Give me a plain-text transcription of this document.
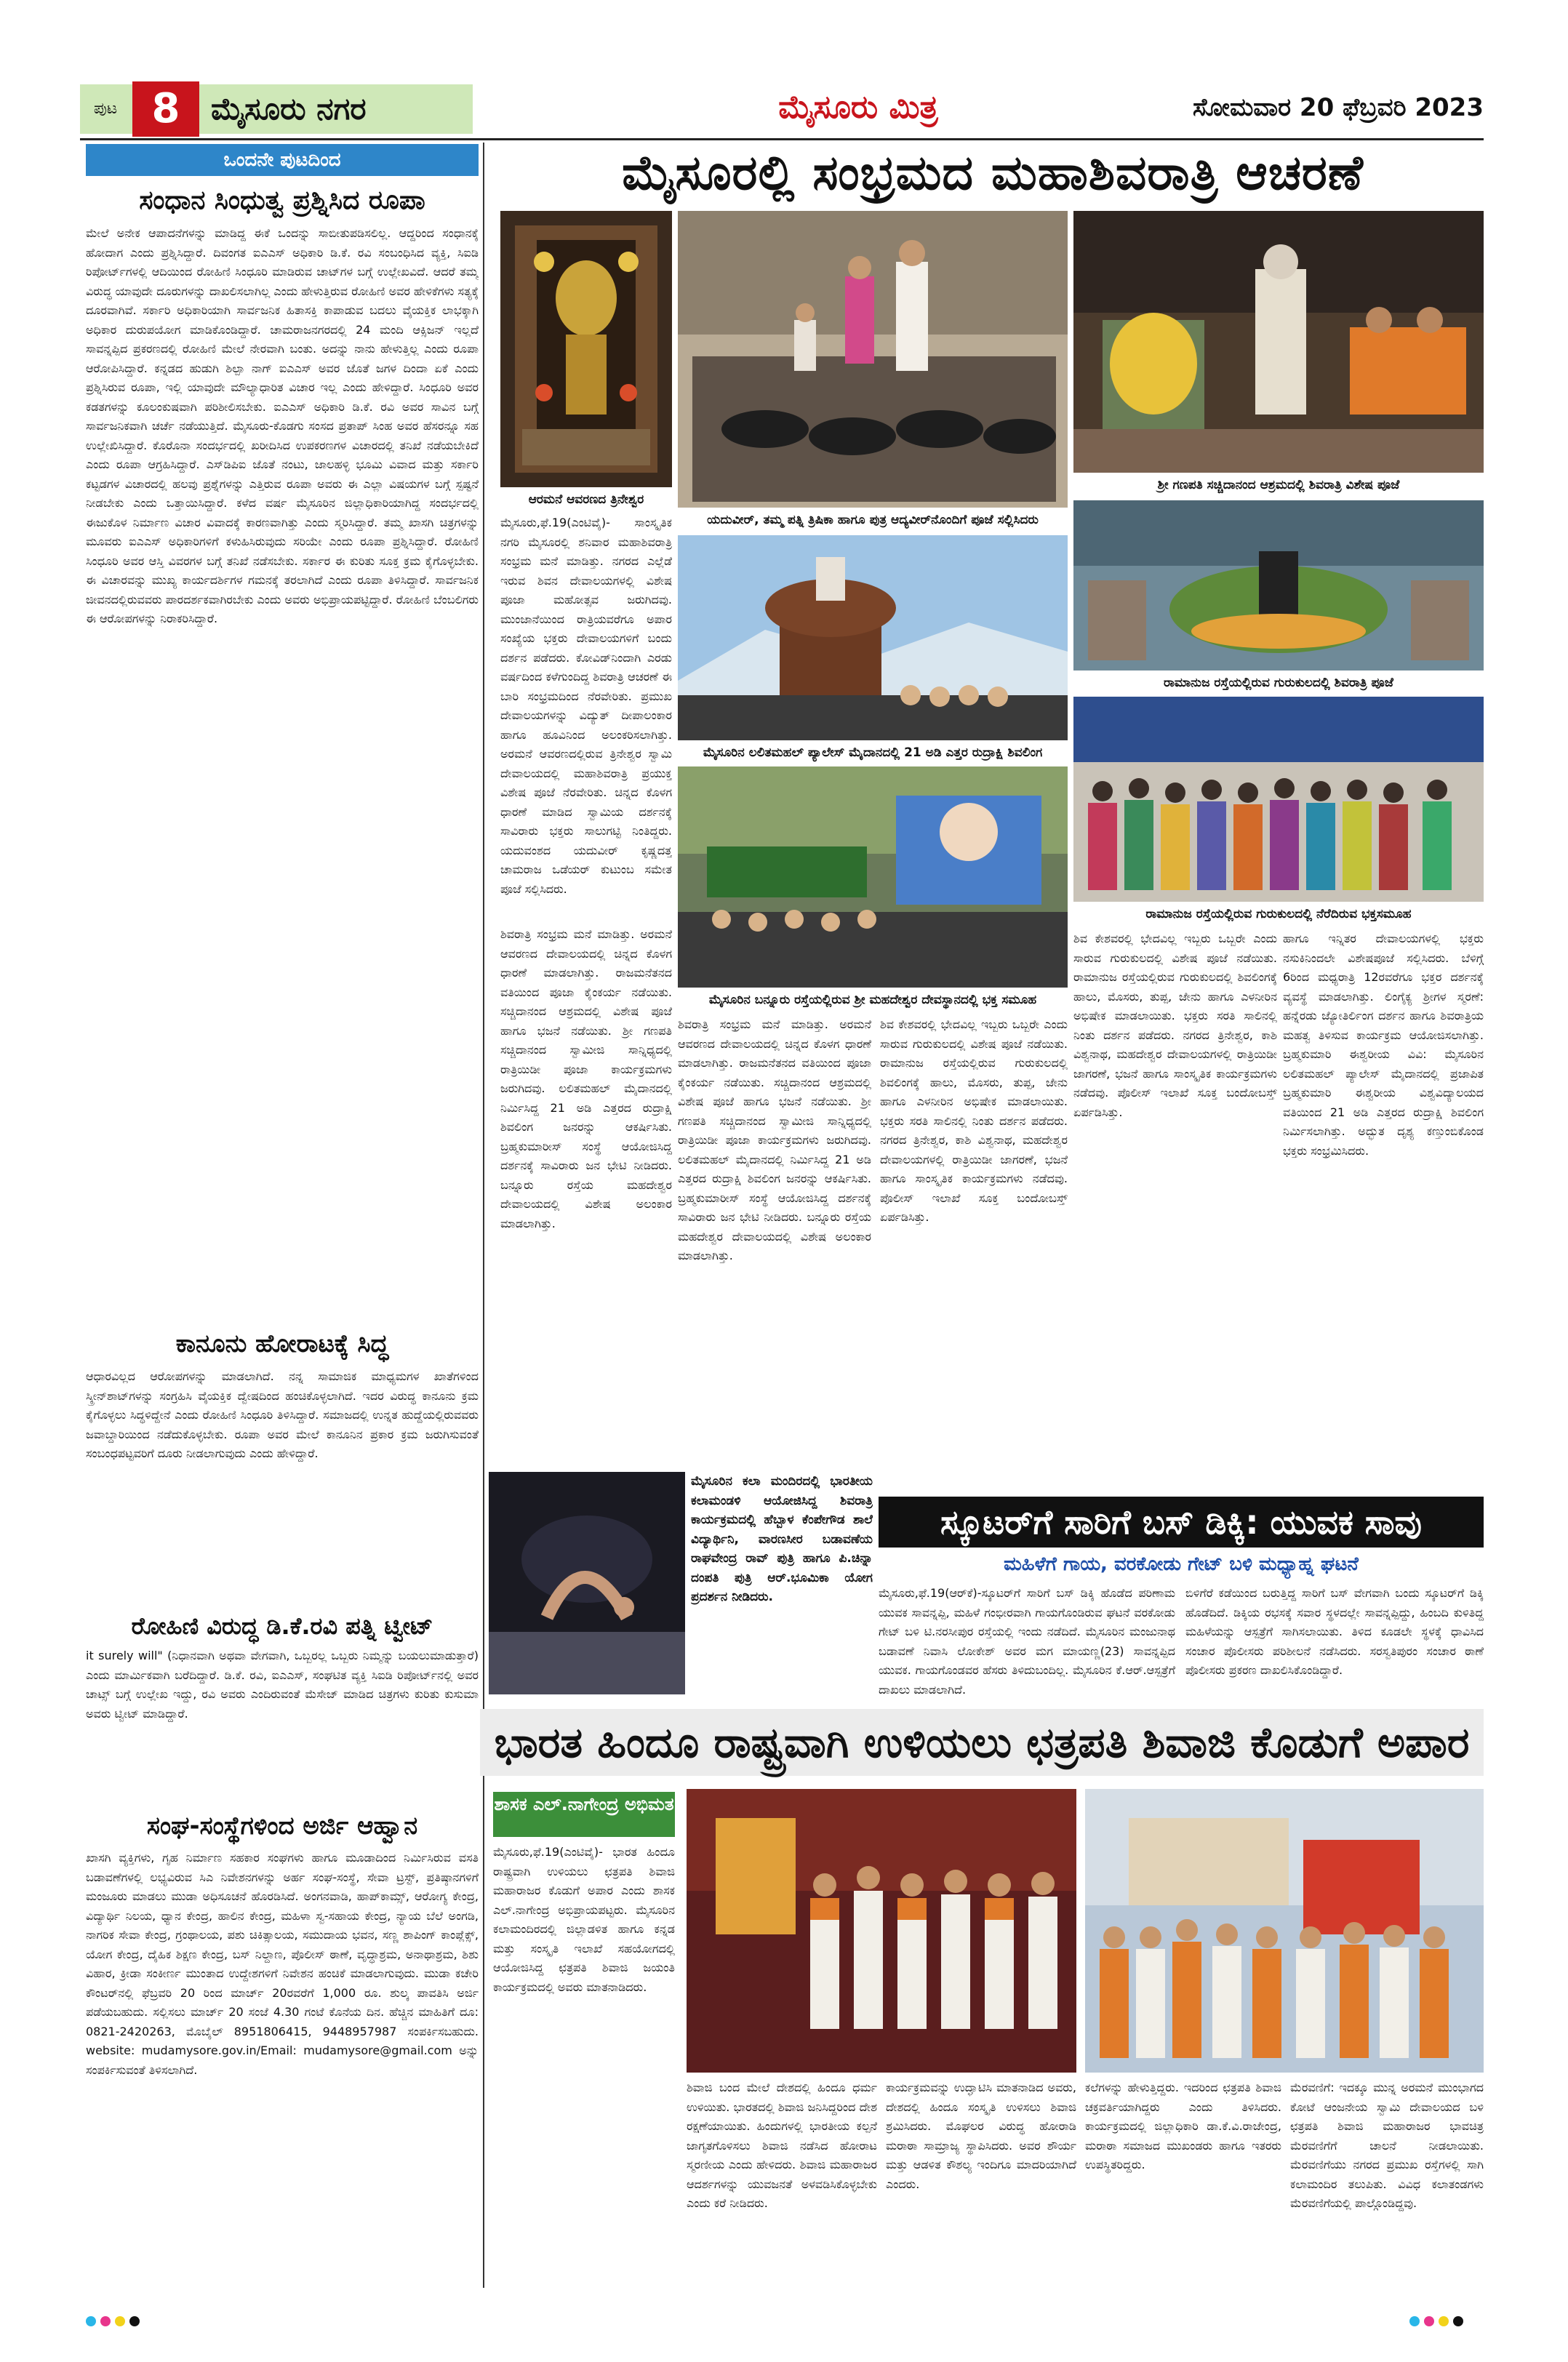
ಪುಟ 8	ಮೈಸೂರು ನಗರ	ಮೈಸೂರು ಮಿತ್ರ	ಸೋಮವಾರ 20 ಫೆಬ್ರವರಿ 2023
ಒಂದನೇ ಪುಟದಿಂದ
ಸಂಧಾನ ಸಿಂಧುತ್ವ ಪ್ರಶ್ನಿಸಿದ ರೂಪಾ
ಮೇಲೆ ಅನೇಕ ಆಪಾದನೆಗಳನ್ನು ಮಾಡಿದ್ದ ಈಕೆ ಒಂದನ್ನು ಸಾಬೀತುಪಡಿಸಲಿಲ್ಲ. ಆದ್ದರಿಂದ ಸಂಧಾನಕ್ಕೆ ಹೋದಾಗ ಎಂದು ಪ್ರಶ್ನಿಸಿದ್ದಾರೆ. ದಿವಂಗತ ಐಎಎಸ್ ಅಧಿಕಾರಿ ಡಿ.ಕೆ. ರವಿ ಸಂಬಂಧಿಸಿದ ವ್ಯಕ್ತಿ, ಸಿಐಡಿ ರಿಪೋರ್ಟ್‌ಗಳಲ್ಲಿ ಆದಿಯಿಂದ ರೋಹಿಣಿ ಸಿಂಧೂರಿ ಮಾಡಿರುವ ಚಾಟ್‌ಗಳ ಬಗ್ಗೆ ಉಲ್ಲೇಖವಿದೆ. ಆದರೆ ತಮ್ಮ ವಿರುದ್ಧ ಯಾವುದೇ ದೂರುಗಳನ್ನು ದಾಖಲಿಸಲಾಗಿಲ್ಲ ಎಂದು ಹೇಳುತ್ತಿರುವ ರೋಹಿಣಿ ಅವರ ಹೇಳಿಕೆಗಳು ಸತ್ಯಕ್ಕೆ ದೂರವಾಗಿವೆ. ಸರ್ಕಾರಿ ಅಧಿಕಾರಿಯಾಗಿ ಸಾರ್ವಜನಿಕ ಹಿತಾಸಕ್ತಿ ಕಾಪಾಡುವ ಬದಲು ವೈಯಕ್ತಿಕ ಲಾಭಕ್ಕಾಗಿ ಅಧಿಕಾರ ದುರುಪಯೋಗ ಮಾಡಿಕೊಂಡಿದ್ದಾರೆ. ಚಾಮರಾಜನಗರದಲ್ಲಿ 24 ಮಂದಿ ಆಕ್ಸಿಜನ್ ಇಲ್ಲದೆ ಸಾವನ್ನಪ್ಪಿದ ಪ್ರಕರಣದಲ್ಲಿ ರೋಹಿಣಿ ಮೇಲೆ ನೇರವಾಗಿ ಬಂತು. ಅದನ್ನು ನಾನು ಹೇಳುತ್ತಿಲ್ಲ ಎಂದು ರೂಪಾ ಆರೋಪಿಸಿದ್ದಾರೆ. ಕನ್ನಡದ ಹುಡುಗಿ ಶಿಲ್ಪಾ ನಾಗ್ ಐಎಎಸ್ ಅವರ ಜೊತೆ ಜಗಳ ದಿಂದಾ ಏಕೆ ಎಂದು ಪ್ರಶ್ನಿಸಿರುವ ರೂಪಾ, ಇಲ್ಲಿ ಯಾವುದೇ ಮೌಲ್ಯಾಧಾರಿತ ವಿಚಾರ ಇಲ್ಲ ಎಂದು ಹೇಳಿದ್ದಾರೆ. ಸಿಂಧೂರಿ ಅವರ ಕಡತಗಳನ್ನು ಕೂಲಂಕುಷವಾಗಿ ಪರಿಶೀಲಿಸಬೇಕು. ಐಎಎಸ್ ಅಧಿಕಾರಿ ಡಿ.ಕೆ. ರವಿ ಅವರ ಸಾವಿನ ಬಗ್ಗೆ ಸಾರ್ವಜನಿಕವಾಗಿ ಚರ್ಚೆ ನಡೆಯುತ್ತಿದೆ. ಮೈಸೂರು-ಕೊಡಗು ಸಂಸದ ಪ್ರತಾಪ್ ಸಿಂಹ ಅವರ ಹೆಸರನ್ನೂ ಸಹ ಉಲ್ಲೇಖಿಸಿದ್ದಾರೆ. ಕೊರೊನಾ ಸಂದರ್ಭದಲ್ಲಿ ಖರೀದಿಸಿದ ಉಪಕರಣಗಳ ವಿಚಾರದಲ್ಲಿ ತನಿಖೆ ನಡೆಯಬೇಕಿದೆ ಎಂದು ರೂಪಾ ಆಗ್ರಹಿಸಿದ್ದಾರೆ. ಎಸ್‌ಡಿಪಿಐ ಜೊತೆ ನಂಟು, ಜಾಲಹಳ್ಳಿ ಭೂಮಿ ವಿವಾದ ಮತ್ತು ಸರ್ಕಾರಿ ಕಟ್ಟಡಗಳ ವಿಚಾರದಲ್ಲಿ ಹಲವು ಪ್ರಶ್ನೆಗಳನ್ನು ಎತ್ತಿರುವ ರೂಪಾ ಅವರು ಈ ಎಲ್ಲಾ ವಿಷಯಗಳ ಬಗ್ಗೆ ಸ್ಪಷ್ಟನೆ ನೀಡಬೇಕು ಎಂದು ಒತ್ತಾಯಿಸಿದ್ದಾರೆ. ಕಳೆದ ವರ್ಷ ಮೈಸೂರಿನ ಜಿಲ್ಲಾಧಿಕಾರಿಯಾಗಿದ್ದ ಸಂದರ್ಭದಲ್ಲಿ ಈಜುಕೊಳ ನಿರ್ಮಾಣ ವಿಚಾರ ವಿವಾದಕ್ಕೆ ಕಾರಣವಾಗಿತ್ತು ಎಂದು ಸ್ಮರಿಸಿದ್ದಾರೆ. ತಮ್ಮ ಖಾಸಗಿ ಚಿತ್ರಗಳನ್ನು ಮೂವರು ಐಎಎಸ್ ಅಧಿಕಾರಿಗಳಿಗೆ ಕಳುಹಿಸಿರುವುದು ಸರಿಯೇ ಎಂದು ರೂಪಾ ಪ್ರಶ್ನಿಸಿದ್ದಾರೆ. ರೋಹಿಣಿ ಸಿಂಧೂರಿ ಅವರ ಆಸ್ತಿ ವಿವರಗಳ ಬಗ್ಗೆ ತನಿಖೆ ನಡೆಸಬೇಕು. ಸರ್ಕಾರ ಈ ಕುರಿತು ಸೂಕ್ತ ಕ್ರಮ ಕೈಗೊಳ್ಳಬೇಕು. ಈ ವಿಚಾರವನ್ನು ಮುಖ್ಯ ಕಾರ್ಯದರ್ಶಿಗಳ ಗಮನಕ್ಕೆ ತರಲಾಗಿದೆ ಎಂದು ರೂಪಾ ತಿಳಿಸಿದ್ದಾರೆ. ಸಾರ್ವಜನಿಕ ಜೀವನದಲ್ಲಿರುವವರು ಪಾರದರ್ಶಕವಾಗಿರಬೇಕು ಎಂದು ಅವರು ಅಭಿಪ್ರಾಯಪಟ್ಟಿದ್ದಾರೆ. ರೋಹಿಣಿ ಬೆಂಬಲಿಗರು ಈ ಆರೋಪಗಳನ್ನು ನಿರಾಕರಿಸಿದ್ದಾರೆ.
ಕಾನೂನು ಹೋರಾಟಕ್ಕೆ ಸಿದ್ಧ
ಆಧಾರವಿಲ್ಲದ ಆರೋಪಗಳನ್ನು ಮಾಡಲಾಗಿದೆ. ನನ್ನ ಸಾಮಾಜಿಕ ಮಾಧ್ಯಮಗಳ ಖಾತೆಗಳಿಂದ ಸ್ಕ್ರೀನ್‌ಶಾಟ್‌ಗಳನ್ನು ಸಂಗ್ರಹಿಸಿ ವೈಯಕ್ತಿಕ ದ್ವೇಷದಿಂದ ಹಂಚಿಕೊಳ್ಳಲಾಗಿದೆ. ಇದರ ವಿರುದ್ಧ ಕಾನೂನು ಕ್ರಮ ಕೈಗೊಳ್ಳಲು ಸಿದ್ಧಳಿದ್ದೇನೆ ಎಂದು ರೋಹಿಣಿ ಸಿಂಧೂರಿ ತಿಳಿಸಿದ್ದಾರೆ. ಸಮಾಜದಲ್ಲಿ ಉನ್ನತ ಹುದ್ದೆಯಲ್ಲಿರುವವರು ಜವಾಬ್ದಾರಿಯಿಂದ ನಡೆದುಕೊಳ್ಳಬೇಕು. ರೂಪಾ ಅವರ ಮೇಲೆ ಕಾನೂನಿನ ಪ್ರಕಾರ ಕ್ರಮ ಜರುಗಿಸುವಂತೆ ಸಂಬಂಧಪಟ್ಟವರಿಗೆ ದೂರು ನೀಡಲಾಗುವುದು ಎಂದು ಹೇಳಿದ್ದಾರೆ.
ರೋಹಿಣಿ ವಿರುದ್ಧ ಡಿ.ಕೆ.ರವಿ ಪತ್ನಿ ಟ್ವೀಟ್
it surely will" (ನಿಧಾನವಾಗಿ ಅಥವಾ ವೇಗವಾಗಿ, ಒಬ್ಬರಲ್ಲ ಒಬ್ಬರು ನಿಮ್ಮನ್ನು ಬಯಲುಮಾಡುತ್ತಾರೆ) ಎಂದು ಮಾರ್ಮಿಕವಾಗಿ ಬರೆದಿದ್ದಾರೆ. ಡಿ.ಕೆ. ರವಿ, ಐಎಎಸ್, ಸಂಘಟಿತ ವ್ಯಕ್ತಿ ಸಿಐಡಿ ರಿಪೋರ್ಟ್‌ನಲ್ಲಿ ಅವರ ಚಾಟ್ಸ್ ಬಗ್ಗೆ ಉಲ್ಲೇಖ ಇದ್ದು, ರವಿ ಅವರು ಎಂದಿರುವಂತೆ ಮೆಸೇಜ್ ಮಾಡಿದ ಚಿತ್ರಗಳು ಕುರಿತು ಕುಸುಮಾ ಅವರು ಟ್ವೀಟ್ ಮಾಡಿದ್ದಾರೆ.
ಸಂಘ-ಸಂಸ್ಥೆಗಳಿಂದ ಅರ್ಜಿ ಆಹ್ವಾನ
ಖಾಸಗಿ ವ್ಯಕ್ತಿಗಳು, ಗೃಹ ನಿರ್ಮಾಣ ಸಹಕಾರ ಸಂಘಗಳು ಹಾಗೂ ಮೂಡಾದಿಂದ ನಿರ್ಮಿಸಿರುವ ವಸತಿ ಬಡಾವಣೆಗಳಲ್ಲಿ ಲಭ್ಯವಿರುವ ಸಿಎ ನಿವೇಶನಗಳನ್ನು ಅರ್ಹ ಸಂಘ-ಸಂಸ್ಥೆ, ಸೇವಾ ಟ್ರಸ್ಟ್, ಪ್ರತಿಷ್ಠಾನಗಳಿಗೆ ಮಂಜೂರು ಮಾಡಲು ಮುಡಾ ಅಧಿಸೂಚನೆ ಹೊರಡಿಸಿದೆ. ಅಂಗನವಾಡಿ, ಹಾಪ್‌ಕಾಮ್ಸ್, ಆರೋಗ್ಯ ಕೇಂದ್ರ, ವಿದ್ಯಾರ್ಥಿ ನಿಲಯ, ಧ್ಯಾನ ಕೇಂದ್ರ, ಹಾಲಿನ ಕೇಂದ್ರ, ಮಹಿಳಾ ಸ್ವ-ಸಹಾಯ ಕೇಂದ್ರ, ನ್ಯಾಯ ಬೆಲೆ ಅಂಗಡಿ, ನಾಗರಿಕ ಸೇವಾ ಕೇಂದ್ರ, ಗ್ರಂಥಾಲಯ, ಪಶು ಚಿಕಿತ್ಸಾಲಯ, ಸಮುದಾಯ ಭವನ, ಸಣ್ಣ ಶಾಪಿಂಗ್ ಕಾಂಪ್ಲೆಕ್ಸ್, ಯೋಗ ಕೇಂದ್ರ, ದೈಹಿಕ ಶಿಕ್ಷಣ ಕೇಂದ್ರ, ಬಸ್ ನಿಲ್ದಾಣ, ಪೊಲೀಸ್ ಠಾಣೆ, ವೃದ್ಧಾಶ್ರಮ, ಅನಾಥಾಶ್ರಮ, ಶಿಶು ವಿಹಾರ, ಕ್ರೀಡಾ ಸಂಕೀರ್ಣ ಮುಂತಾದ ಉದ್ದೇಶಗಳಿಗೆ ನಿವೇಶನ ಹಂಚಿಕೆ ಮಾಡಲಾಗುವುದು. ಮುಡಾ ಕಚೇರಿ ಕೌಂಟರ್‌ನಲ್ಲಿ ಫೆಬ್ರವರಿ 20 ರಿಂದ ಮಾರ್ಚ್ 20ರವರೆಗೆ 1,000 ರೂ. ಶುಲ್ಕ ಪಾವತಿಸಿ ಅರ್ಜಿ ಪಡೆಯಬಹುದು. ಸಲ್ಲಿಸಲು ಮಾರ್ಚ್ 20 ಸಂಜೆ 4.30 ಗಂಟೆ ಕೊನೆಯ ದಿನ. ಹೆಚ್ಚಿನ ಮಾಹಿತಿಗೆ ದೂ: 0821-2420263, ಮೊಬೈಲ್ 8951806415, 9448957987 ಸಂಪರ್ಕಿಸಬಹುದು. website: mudamysore.gov.in/Email: mudamysore@gmail.com ಅನ್ನು ಸಂಪರ್ಕಿಸುವಂತೆ ತಿಳಿಸಲಾಗಿದೆ.
ಮೈಸೂರಲ್ಲಿ ಸಂಭ್ರಮದ ಮಹಾಶಿವರಾತ್ರಿ ಆಚರಣೆ
ಆರಮನೆ ಆವರಣದ ತ್ರಿನೇಶ್ವರ
ಯದುವೀರ್, ತಮ್ಮ ಪತ್ನಿ ತ್ರಿಷಿಕಾ ಹಾಗೂ ಪುತ್ರ ಆದ್ಯವೀರ್‌ನೊಂದಿಗೆ ಪೂಜೆ ಸಲ್ಲಿಸಿದರು
ಶ್ರೀ ಗಣಪತಿ ಸಚ್ಚಿದಾನಂದ ಆಶ್ರಮದಲ್ಲಿ ಶಿವರಾತ್ರಿ ವಿಶೇಷ ಪೂಜೆ
ಮೈಸೂರು,ಫೆ.19(ಎಂಟಿವೈ)- ಸಾಂಸ್ಕೃತಿಕ ನಗರಿ ಮೈಸೂರಲ್ಲಿ ಶನಿವಾರ ಮಹಾಶಿವರಾತ್ರಿ ಸಂಭ್ರಮ ಮನೆ ಮಾಡಿತ್ತು. ನಗರದ ಎಲ್ಲೆಡೆ ಇರುವ ಶಿವನ ದೇವಾಲಯಗಳಲ್ಲಿ ವಿಶೇಷ ಪೂಜಾ ಮಹೋತ್ಸವ ಜರುಗಿದವು. ಮುಂಜಾನೆಯಿಂದ ರಾತ್ರಿಯವರೆಗೂ ಅಪಾರ ಸಂಖ್ಯೆಯ ಭಕ್ತರು ದೇವಾಲಯಗಳಿಗೆ ಬಂದು ದರ್ಶನ ಪಡೆದರು. ಕೋವಿಡ್‌ನಿಂದಾಗಿ ಎರಡು ವರ್ಷದಿಂದ ಕಳೆಗುಂದಿದ್ದ ಶಿವರಾತ್ರಿ ಆಚರಣೆ ಈ ಬಾರಿ ಸಂಭ್ರಮದಿಂದ ನೆರವೇರಿತು. ಪ್ರಮುಖ ದೇವಾಲಯಗಳನ್ನು ವಿದ್ಯುತ್ ದೀಪಾಲಂಕಾರ ಹಾಗೂ ಹೂವಿನಿಂದ ಅಲಂಕರಿಸಲಾಗಿತ್ತು. ಅರಮನೆ ಆವರಣದಲ್ಲಿರುವ ತ್ರಿನೇಶ್ವರ ಸ್ವಾಮಿ ದೇವಾಲಯದಲ್ಲಿ ಮಹಾಶಿವರಾತ್ರಿ ಪ್ರಯುಕ್ತ ವಿಶೇಷ ಪೂಜೆ ನೆರವೇರಿತು. ಚಿನ್ನದ ಕೊಳಗ ಧಾರಣೆ ಮಾಡಿದ ಸ್ವಾಮಿಯ ದರ್ಶನಕ್ಕೆ ಸಾವಿರಾರು ಭಕ್ತರು ಸಾಲುಗಟ್ಟಿ ನಿಂತಿದ್ದರು. ಯದುವಂಶದ ಯದುವೀರ್ ಕೃಷ್ಣದತ್ತ ಚಾಮರಾಜ ಒಡೆಯರ್ ಕುಟುಂಬ ಸಮೇತ ಪೂಜೆ ಸಲ್ಲಿಸಿದರು.
ಮೈಸೂರಿನ ಲಲಿತಮಹಲ್ ಪ್ಯಾಲೇಸ್ ಮೈದಾನದಲ್ಲಿ 21 ಅಡಿ ಎತ್ತರ ರುದ್ರಾಕ್ಷಿ ಶಿವಲಿಂಗ
ರಾಮಾನುಜ ರಸ್ತೆಯಲ್ಲಿರುವ ಗುರುಕುಲದಲ್ಲಿ ಶಿವರಾತ್ರಿ ಪೂಜೆ
ರಾಮಾನುಜ ರಸ್ತೆಯಲ್ಲಿರುವ ಗುರುಕುಲದಲ್ಲಿ ನೆರೆದಿರುವ ಭಕ್ತಸಮೂಹ
ಮೈಸೂರಿನ ಬನ್ನೂರು ರಸ್ತೆಯಲ್ಲಿರುವ ಶ್ರೀ ಮಹದೇಶ್ವರ ದೇವಸ್ಥಾನದಲ್ಲಿ ಭಕ್ತ ಸಮೂಹ
ಶಿವರಾತ್ರಿ ಸಂಭ್ರಮ ಮನೆ ಮಾಡಿತ್ತು. ಅರಮನೆ ಆವರಣದ ದೇವಾಲಯದಲ್ಲಿ ಚಿನ್ನದ ಕೊಳಗ ಧಾರಣೆ ಮಾಡಲಾಗಿತ್ತು. ರಾಜಮನೆತನದ ವತಿಯಿಂದ ಪೂಜಾ ಕೈಂಕರ್ಯ ನಡೆಯಿತು. ಸಚ್ಚಿದಾನಂದ ಆಶ್ರಮದಲ್ಲಿ ವಿಶೇಷ ಪೂಜೆ ಹಾಗೂ ಭಜನೆ ನಡೆಯಿತು. ಶ್ರೀ ಗಣಪತಿ ಸಚ್ಚಿದಾನಂದ ಸ್ವಾಮೀಜಿ ಸಾನ್ನಿಧ್ಯದಲ್ಲಿ ರಾತ್ರಿಯಿಡೀ ಪೂಜಾ ಕಾರ್ಯಕ್ರಮಗಳು ಜರುಗಿದವು. ಲಲಿತಮಹಲ್ ಮೈದಾನದಲ್ಲಿ ನಿರ್ಮಿಸಿದ್ದ 21 ಅಡಿ ಎತ್ತರದ ರುದ್ರಾಕ್ಷಿ ಶಿವಲಿಂಗ ಜನರನ್ನು ಆಕರ್ಷಿಸಿತು. ಬ್ರಹ್ಮಕುಮಾರೀಸ್ ಸಂಸ್ಥೆ ಆಯೋಜಿಸಿದ್ದ ದರ್ಶನಕ್ಕೆ ಸಾವಿರಾರು ಜನ ಭೇಟಿ ನೀಡಿದರು. ಬನ್ನೂರು ರಸ್ತೆಯ ಮಹದೇಶ್ವರ ದೇವಾಲಯದಲ್ಲಿ ವಿಶೇಷ ಅಲಂಕಾರ ಮಾಡಲಾಗಿತ್ತು.
ಶಿವರಾತ್ರಿ ಸಂಭ್ರಮ ಮನೆ ಮಾಡಿತ್ತು. ಅರಮನೆ ಆವರಣದ ದೇವಾಲಯದಲ್ಲಿ ಚಿನ್ನದ ಕೊಳಗ ಧಾರಣೆ ಮಾಡಲಾಗಿತ್ತು. ರಾಜಮನೆತನದ ವತಿಯಿಂದ ಪೂಜಾ ಕೈಂಕರ್ಯ ನಡೆಯಿತು. ಸಚ್ಚಿದಾನಂದ ಆಶ್ರಮದಲ್ಲಿ ವಿಶೇಷ ಪೂಜೆ ಹಾಗೂ ಭಜನೆ ನಡೆಯಿತು. ಶ್ರೀ ಗಣಪತಿ ಸಚ್ಚಿದಾನಂದ ಸ್ವಾಮೀಜಿ ಸಾನ್ನಿಧ್ಯದಲ್ಲಿ ರಾತ್ರಿಯಿಡೀ ಪೂಜಾ ಕಾರ್ಯಕ್ರಮಗಳು ಜರುಗಿದವು. ಲಲಿತಮಹಲ್ ಮೈದಾನದಲ್ಲಿ ನಿರ್ಮಿಸಿದ್ದ 21 ಅಡಿ ಎತ್ತರದ ರುದ್ರಾಕ್ಷಿ ಶಿವಲಿಂಗ ಜನರನ್ನು ಆಕರ್ಷಿಸಿತು. ಬ್ರಹ್ಮಕುಮಾರೀಸ್ ಸಂಸ್ಥೆ ಆಯೋಜಿಸಿದ್ದ ದರ್ಶನಕ್ಕೆ ಸಾವಿರಾರು ಜನ ಭೇಟಿ ನೀಡಿದರು. ಬನ್ನೂರು ರಸ್ತೆಯ ಮಹದೇಶ್ವರ ದೇವಾಲಯದಲ್ಲಿ ವಿಶೇಷ ಅಲಂಕಾರ ಮಾಡಲಾಗಿತ್ತು.
ಶಿವ ಕೇಶವರಲ್ಲಿ ಭೇದವಿಲ್ಲ ಇಬ್ಬರು ಒಬ್ಬರೇ ಎಂದು ಸಾರುವ ಗುರುಕುಲದಲ್ಲಿ ವಿಶೇಷ ಪೂಜೆ ನಡೆಯಿತು. ರಾಮಾನುಜ ರಸ್ತೆಯಲ್ಲಿರುವ ಗುರುಕುಲದಲ್ಲಿ ಶಿವಲಿಂಗಕ್ಕೆ ಹಾಲು, ಮೊಸರು, ತುಪ್ಪ, ಜೇನು ಹಾಗೂ ಎಳನೀರಿನ ಅಭಿಷೇಕ ಮಾಡಲಾಯಿತು. ಭಕ್ತರು ಸರತಿ ಸಾಲಿನಲ್ಲಿ ನಿಂತು ದರ್ಶನ ಪಡೆದರು. ನಗರದ ತ್ರಿನೇಶ್ವರ, ಕಾಶಿ ವಿಶ್ವನಾಥ, ಮಹದೇಶ್ವರ ದೇವಾಲಯಗಳಲ್ಲಿ ರಾತ್ರಿಯಿಡೀ ಜಾಗರಣೆ, ಭಜನೆ ಹಾಗೂ ಸಾಂಸ್ಕೃತಿಕ ಕಾರ್ಯಕ್ರಮಗಳು ನಡೆದವು. ಪೊಲೀಸ್ ಇಲಾಖೆ ಸೂಕ್ತ ಬಂದೋಬಸ್ತ್ ಏರ್ಪಡಿಸಿತ್ತು.
ಶಿವ ಕೇಶವರಲ್ಲಿ ಭೇದವಿಲ್ಲ ಇಬ್ಬರು ಒಬ್ಬರೇ ಎಂದು ಸಾರುವ ಗುರುಕುಲದಲ್ಲಿ ವಿಶೇಷ ಪೂಜೆ ನಡೆಯಿತು. ರಾಮಾನುಜ ರಸ್ತೆಯಲ್ಲಿರುವ ಗುರುಕುಲದಲ್ಲಿ ಶಿವಲಿಂಗಕ್ಕೆ ಹಾಲು, ಮೊಸರು, ತುಪ್ಪ, ಜೇನು ಹಾಗೂ ಎಳನೀರಿನ ಅಭಿಷೇಕ ಮಾಡಲಾಯಿತು. ಭಕ್ತರು ಸರತಿ ಸಾಲಿನಲ್ಲಿ ನಿಂತು ದರ್ಶನ ಪಡೆದರು. ನಗರದ ತ್ರಿನೇಶ್ವರ, ಕಾಶಿ ವಿಶ್ವನಾಥ, ಮಹದೇಶ್ವರ ದೇವಾಲಯಗಳಲ್ಲಿ ರಾತ್ರಿಯಿಡೀ ಜಾಗರಣೆ, ಭಜನೆ ಹಾಗೂ ಸಾಂಸ್ಕೃತಿಕ ಕಾರ್ಯಕ್ರಮಗಳು ನಡೆದವು. ಪೊಲೀಸ್ ಇಲಾಖೆ ಸೂಕ್ತ ಬಂದೋಬಸ್ತ್ ಏರ್ಪಡಿಸಿತ್ತು.
ಹಾಗೂ ಇನ್ನಿತರ ದೇವಾಲಯಗಳಲ್ಲಿ ಭಕ್ತರು ನಸುಕಿನಿಂದಲೇ ವಿಶೇಷಪೂಜೆ ಸಲ್ಲಿಸಿದರು. ಬೆಳಿಗ್ಗೆ 6ರಿಂದ ಮಧ್ಯರಾತ್ರಿ 12ರವರೆಗೂ ಭಕ್ತರ ದರ್ಶನಕ್ಕೆ ವ್ಯವಸ್ಥೆ ಮಾಡಲಾಗಿತ್ತು. ಲಿಂಗೈಕ್ಯ ಶ್ರೀಗಳ ಸ್ಮರಣೆ: ಹನ್ನೆರಡು ಜ್ಯೋತಿರ್ಲಿಂಗ ದರ್ಶನ ಹಾಗೂ ಶಿವರಾತ್ರಿಯ ಮಹತ್ವ ತಿಳಿಸುವ ಕಾರ್ಯಕ್ರಮ ಆಯೋಜಿಸಲಾಗಿತ್ತು. ಬ್ರಹ್ಮಕುಮಾರಿ ಈಶ್ವರೀಯ ವಿವಿ: ಮೈಸೂರಿನ ಲಲಿತಮಹಲ್ ಪ್ಯಾಲೇಸ್ ಮೈದಾನದಲ್ಲಿ ಪ್ರಜಾಪಿತ ಬ್ರಹ್ಮಕುಮಾರಿ ಈಶ್ವರೀಯ ವಿಶ್ವವಿದ್ಯಾಲಯದ ವತಿಯಿಂದ 21 ಅಡಿ ಎತ್ತರದ ರುದ್ರಾಕ್ಷಿ ಶಿವಲಿಂಗ ನಿರ್ಮಿಸಲಾಗಿತ್ತು. ಅದ್ಭುತ ದೃಶ್ಯ ಕಣ್ತುಂಬಿಕೊಂಡ ಭಕ್ತರು ಸಂಭ್ರಮಿಸಿದರು.
ಮೈಸೂರಿನ ಕಲಾ ಮಂದಿರದಲ್ಲಿ ಭಾರತೀಯ ಕಲಾಮಂಡಳಿ ಆಯೋಜಿಸಿದ್ದ ಶಿವರಾತ್ರಿ ಕಾರ್ಯಕ್ರಮದಲ್ಲಿ ಹೆಬ್ಬಾಳ ಕೆಂಪೇಗೌಡ ಶಾಲೆ ವಿದ್ಯಾರ್ಥಿನಿ, ವಾರಣಸೀರ ಬಡಾವಣೆಯ ರಾಘವೇಂದ್ರ ರಾವ್ ಪುತ್ರಿ ಹಾಗೂ ಪಿ.ಚಿನ್ನಾ ದಂಪತಿ ಪುತ್ರಿ ಆರ್.ಭೂಮಿಕಾ ಯೋಗ ಪ್ರದರ್ಶನ ನೀಡಿದರು.
ಸ್ಕೂಟರ್‌ಗೆ ಸಾರಿಗೆ ಬಸ್ ಡಿಕ್ಕಿ: ಯುವಕ ಸಾವು
ಮಹಿಳೆಗೆ ಗಾಯ, ವರಕೋಡು ಗೇಟ್ ಬಳಿ ಮಧ್ಯಾಹ್ನ ಘಟನೆ
ಮೈಸೂರು,ಫೆ.19(ಆರ್‌ಕೆ)-ಸ್ಕೂಟರ್‌ಗೆ ಸಾರಿಗೆ ಬಸ್ ಡಿಕ್ಕಿ ಹೊಡೆದ ಪರಿಣಾಮ ಯುವಕ ಸಾವನ್ನಪ್ಪಿ, ಮಹಿಳೆ ಗಂಭೀರವಾಗಿ ಗಾಯಗೊಂಡಿರುವ ಘಟನೆ ವರಕೋಡು ಗೇಟ್ ಬಳಿ ಟಿ.ನರಸೀಪುರ ರಸ್ತೆಯಲ್ಲಿ ಇಂದು ನಡೆದಿದೆ. ಮೈಸೂರಿನ ಮಂಜುನಾಥ ಬಡಾವಣೆ ನಿವಾಸಿ ಲೋಕೇಶ್ ಅವರ ಮಗ ಮಾಯಣ್ಣ(23) ಸಾವನ್ನಪ್ಪಿದ ಯುವಕ. ಗಾಯಗೊಂಡವರ ಹೆಸರು ತಿಳಿದುಬಂದಿಲ್ಲ. ಮೈಸೂರಿನ ಕೆ.ಆರ್.ಆಸ್ಪತ್ರೆಗೆ ದಾಖಲು ಮಾಡಲಾಗಿದೆ.
ಬಿಳಿಗೆರೆ ಕಡೆಯಿಂದ ಬರುತ್ತಿದ್ದ ಸಾರಿಗೆ ಬಸ್ ವೇಗವಾಗಿ ಬಂದು ಸ್ಕೂಟರ್‌ಗೆ ಡಿಕ್ಕಿ ಹೊಡೆದಿದೆ. ಡಿಕ್ಕಿಯ ರಭಸಕ್ಕೆ ಸವಾರ ಸ್ಥಳದಲ್ಲೇ ಸಾವನ್ನಪ್ಪಿದ್ದು, ಹಿಂಬದಿ ಕುಳಿತಿದ್ದ ಮಹಿಳೆಯನ್ನು ಆಸ್ಪತ್ರೆಗೆ ಸಾಗಿಸಲಾಯಿತು. ತಿಳಿದ ಕೂಡಲೇ ಸ್ಥಳಕ್ಕೆ ಧಾವಿಸಿದ ಸಂಚಾರ ಪೊಲೀಸರು ಪರಿಶೀಲನೆ ನಡೆಸಿದರು. ಸರಸ್ವತಿಪುರಂ ಸಂಚಾರ ಠಾಣೆ ಪೊಲೀಸರು ಪ್ರಕರಣ ದಾಖಲಿಸಿಕೊಂಡಿದ್ದಾರೆ.
ಭಾರತ ಹಿಂದೂ ರಾಷ್ಟ್ರವಾಗಿ ಉಳಿಯಲು ಛತ್ರಪತಿ ಶಿವಾಜಿ ಕೊಡುಗೆ ಅಪಾರ
ಶಾಸಕ ಎಲ್.ನಾಗೇಂದ್ರ ಅಭಿಮತ
ಮೈಸೂರು,ಫೆ.19(ಎಂಟಿವೈ)- ಭಾರತ ಹಿಂದೂ ರಾಷ್ಟ್ರವಾಗಿ ಉಳಿಯಲು ಛತ್ರಪತಿ ಶಿವಾಜಿ ಮಹಾರಾಜರ ಕೊಡುಗೆ ಅಪಾರ ಎಂದು ಶಾಸಕ ಎಲ್.ನಾಗೇಂದ್ರ ಅಭಿಪ್ರಾಯಪಟ್ಟರು. ಮೈಸೂರಿನ ಕಲಾಮಂದಿರದಲ್ಲಿ ಜಿಲ್ಲಾಡಳಿತ ಹಾಗೂ ಕನ್ನಡ ಮತ್ತು ಸಂಸ್ಕೃತಿ ಇಲಾಖೆ ಸಹಯೋಗದಲ್ಲಿ ಆಯೋಜಿಸಿದ್ದ ಛತ್ರಪತಿ ಶಿವಾಜಿ ಜಯಂತಿ ಕಾರ್ಯಕ್ರಮದಲ್ಲಿ ಅವರು ಮಾತನಾಡಿದರು.
ಶಿವಾಜಿ ಬಂದ ಮೇಲೆ ದೇಶದಲ್ಲಿ ಹಿಂದೂ ಧರ್ಮ ಉಳಿಯಿತು. ಭಾರತದಲ್ಲಿ ಶಿವಾಜಿ ಜನಿಸಿದ್ದರಿಂದ ದೇಶ ರಕ್ಷಣೆಯಾಯಿತು. ಹಿಂದುಗಳಲ್ಲಿ ಭಾರತೀಯ ಕಲ್ಪನೆ ಜಾಗೃತಗೊಳಿಸಲು ಶಿವಾಜಿ ನಡೆಸಿದ ಹೋರಾಟ ಸ್ಮರಣೀಯ ಎಂದು ಹೇಳಿದರು. ಶಿವಾಜಿ ಮಹಾರಾಜರ ಆದರ್ಶಗಳನ್ನು ಯುವಜನತೆ ಅಳವಡಿಸಿಕೊಳ್ಳಬೇಕು ಎಂದು ಕರೆ ನೀಡಿದರು.
ಕಾರ್ಯಕ್ರಮವನ್ನು ಉದ್ಘಾಟಿಸಿ ಮಾತನಾಡಿದ ಅವರು, ದೇಶದಲ್ಲಿ ಹಿಂದೂ ಸಂಸ್ಕೃತಿ ಉಳಿಸಲು ಶಿವಾಜಿ ಶ್ರಮಿಸಿದರು. ಮೊಘಲರ ವಿರುದ್ಧ ಹೋರಾಡಿ ಮರಾಠಾ ಸಾಮ್ರಾಜ್ಯ ಸ್ಥಾಪಿಸಿದರು. ಅವರ ಶೌರ್ಯ ಮತ್ತು ಆಡಳಿತ ಕೌಶಲ್ಯ ಇಂದಿಗೂ ಮಾದರಿಯಾಗಿದೆ ಎಂದರು.
ಕಲೆಗಳನ್ನು ಹೇಳುತ್ತಿದ್ದರು. ಇದರಿಂದ ಛತ್ರಪತಿ ಶಿವಾಜಿ ಚಕ್ರವರ್ತಿಯಾಗಿದ್ದರು ಎಂದು ತಿಳಿಸಿದರು. ಕಾರ್ಯಕ್ರಮದಲ್ಲಿ ಜಿಲ್ಲಾಧಿಕಾರಿ ಡಾ.ಕೆ.ವಿ.ರಾಜೇಂದ್ರ, ಮರಾಠಾ ಸಮಾಜದ ಮುಖಂಡರು ಹಾಗೂ ಇತರರು ಉಪಸ್ಥಿತರಿದ್ದರು.
ಮೆರವಣಿಗೆ: ಇದಕ್ಕೂ ಮುನ್ನ ಅರಮನೆ ಮುಂಭಾಗದ ಕೋಟೆ ಆಂಜನೇಯ ಸ್ವಾಮಿ ದೇವಾಲಯದ ಬಳಿ ಛತ್ರಪತಿ ಶಿವಾಜಿ ಮಹಾರಾಜರ ಭಾವಚಿತ್ರ ಮೆರವಣಿಗೆಗೆ ಚಾಲನೆ ನೀಡಲಾಯಿತು. ಮೆರವಣಿಗೆಯು ನಗರದ ಪ್ರಮುಖ ರಸ್ತೆಗಳಲ್ಲಿ ಸಾಗಿ ಕಲಾಮಂದಿರ ತಲುಪಿತು. ವಿವಿಧ ಕಲಾತಂಡಗಳು ಮೆರವಣಿಗೆಯಲ್ಲಿ ಪಾಲ್ಗೊಂಡಿದ್ದವು.
